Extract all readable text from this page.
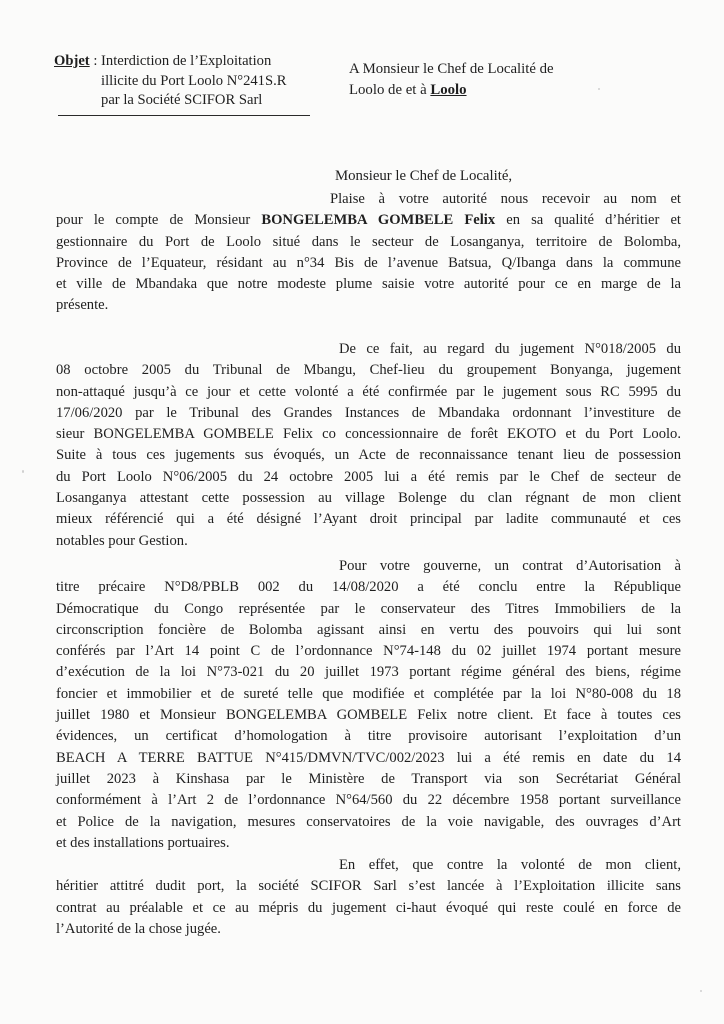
Objet : Interdiction de l’Exploitation
illicite du Port Loolo N°241S.R
par la Société SCIFOR Sarl
A Monsieur le Chef de Localité de
Loolo de et à Loolo
Monsieur le Chef de Localité,
Plaise à votre autorité nous recevoir au nom et
pour le compte de Monsieur BONGELEMBA GOMBELE Felix en sa qualité d’héritier et
gestionnaire du Port de Loolo situé dans le secteur de Losanganya, territoire de Bolomba,
Province de l’Equateur, résidant au n°34 Bis de l’avenue Batsua, Q/Ibanga dans la commune
et ville de Mbandaka que notre modeste plume saisie votre autorité pour ce en marge de la
présente.
De ce fait, au regard du jugement N°018/2005 du
08 octobre 2005 du Tribunal de Mbangu, Chef-lieu du groupement Bonyanga, jugement
non-attaqué jusqu’à ce jour et cette volonté a été confirmée par le jugement sous RC 5995 du
17/06/2020 par le Tribunal des Grandes Instances de Mbandaka ordonnant l’investiture de
sieur BONGELEMBA GOMBELE Felix co concessionnaire de forêt EKOTO et du Port Loolo.
Suite à tous ces jugements sus évoqués, un Acte de reconnaissance tenant lieu de possession
du Port Loolo N°06/2005 du 24 octobre 2005 lui a été remis par le Chef de secteur de
Losanganya attestant cette possession au village Bolenge du clan régnant de mon client
mieux référencié qui a été désigné l’Ayant droit principal par ladite communauté et ces
notables pour Gestion.
Pour votre gouverne, un contrat d’Autorisation à
titre précaire N°D8/PBLB 002 du 14/08/2020 a été conclu entre la République
Démocratique du Congo représentée par le conservateur des Titres Immobiliers de la
circonscription foncière de Bolomba agissant ainsi en vertu des pouvoirs qui lui sont
conférés par l’Art 14 point C de l’ordonnance N°74-148 du 02 juillet 1974 portant mesure
d’exécution de la loi N°73-021 du 20 juillet 1973 portant régime général des biens, régime
foncier et immobilier et de sureté telle que modifiée et complétée par la loi N°80-008 du 18
juillet 1980 et Monsieur BONGELEMBA GOMBELE Felix notre client. Et face à toutes ces
évidences, un certificat d’homologation à titre provisoire autorisant l’exploitation d’un
BEACH A TERRE BATTUE N°415/DMVN/TVC/002/2023 lui a été remis en date du 14
juillet 2023 à Kinshasa par le Ministère de Transport via son Secrétariat Général
conformément à l’Art 2 de l’ordonnance N°64/560 du 22 décembre 1958 portant surveillance
et Police de la navigation, mesures conservatoires de la voie navigable, des ouvrages d’Art
et des installations portuaires.
En effet, que contre la volonté de mon client,
héritier attitré dudit port, la société SCIFOR Sarl s’est lancée à l’Exploitation illicite sans
contrat au préalable et ce au mépris du jugement ci-haut évoqué qui reste coulé en force de
l’Autorité de la chose jugée.
